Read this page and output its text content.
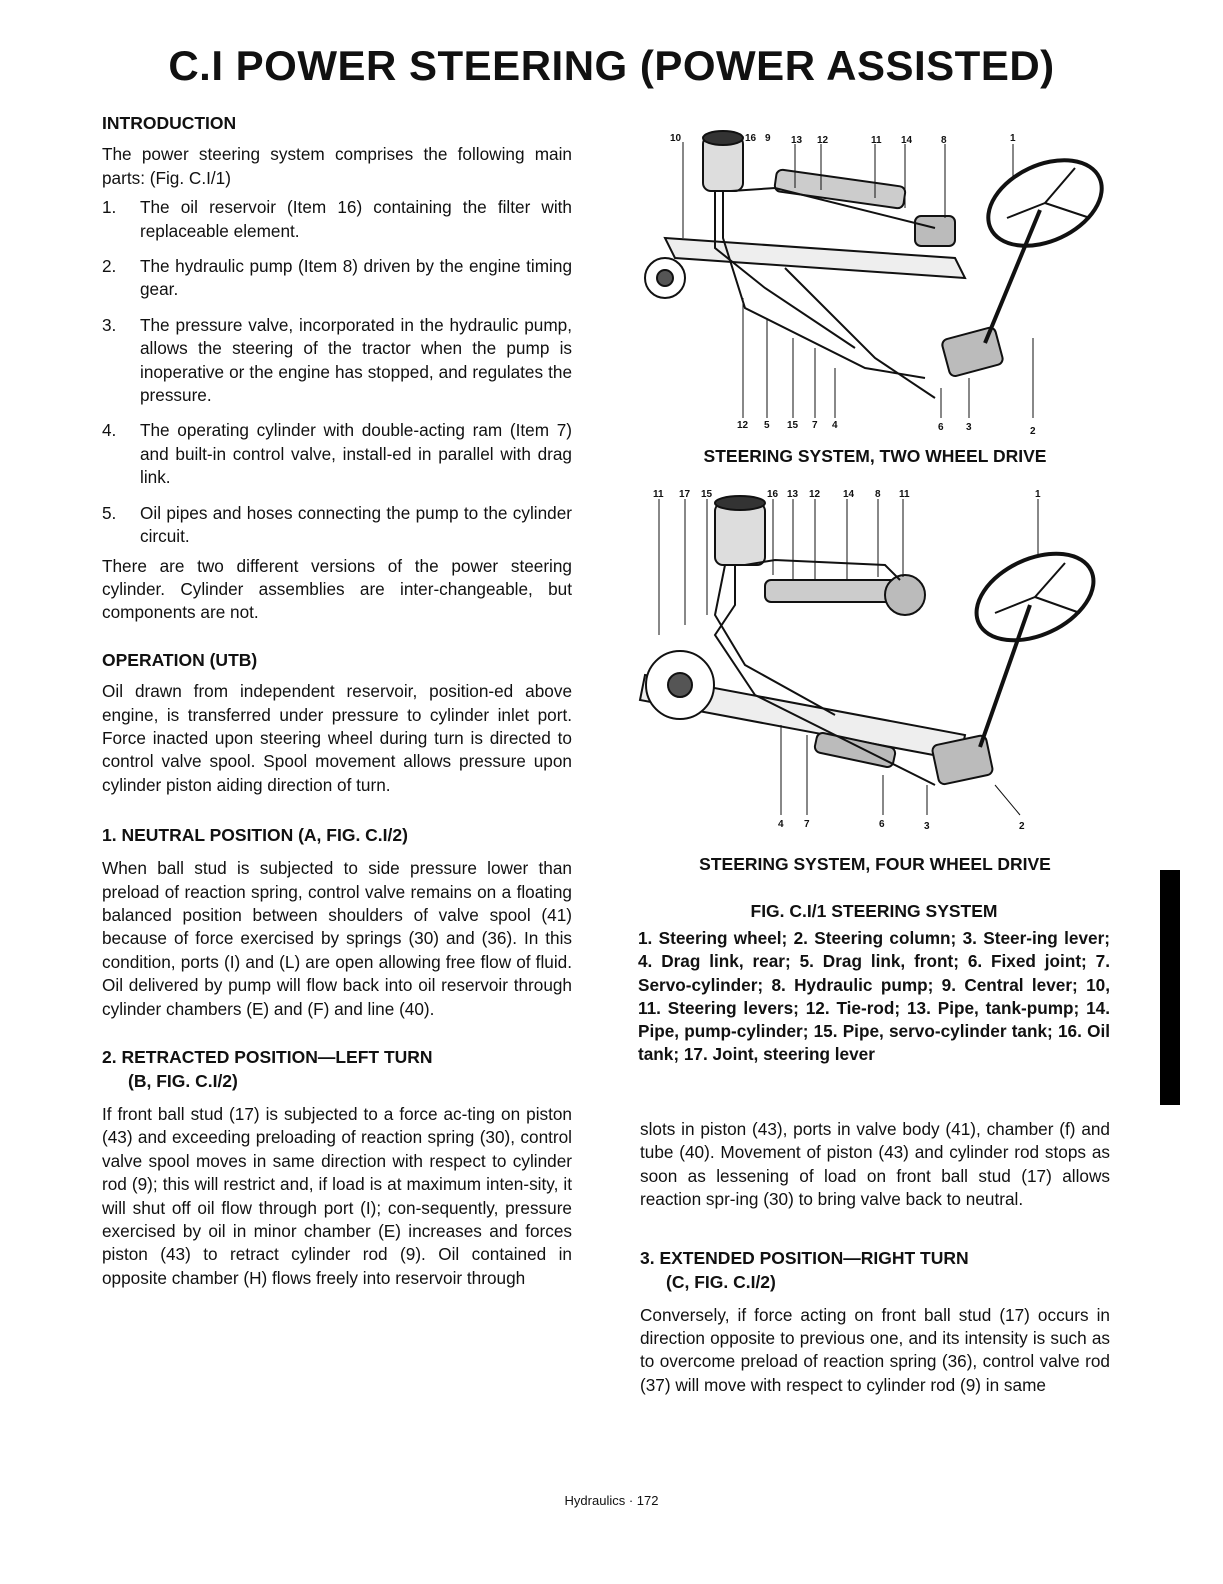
C.I POWER STEERING (POWER ASSISTED)
INTRODUCTION

The power steering system comprises the following main parts: (Fig. C.I/1)

1.	The oil reservoir (Item 16) containing the filter with replaceable element.
2.	The hydraulic pump (Item 8) driven by the engine timing gear.
3.	The pressure valve, incorporated in the hydraulic pump, allows the steering of the tractor when the pump is inoperative or the engine has stopped, and regulates the pressure.
4.	The operating cylinder with double-acting ram (Item 7) and built-in control valve, install-ed in parallel with drag link.
5.	Oil pipes and hoses connecting the pump to the cylinder circuit.

There are two different versions of the power steering cylinder. Cylinder assemblies are inter-changeable, but components are not.

OPERATION (UTB)

Oil drawn from independent reservoir, position-ed above engine, is transferred under pressure to cylinder inlet port. Force inacted upon steering wheel during turn is directed to control valve spool. Spool movement allows pressure upon cylinder piston aiding direction of turn.

1. NEUTRAL POSITION (A, FIG. C.I/2)

When ball stud is subjected to side pressure lower than preload of reaction spring, control valve remains on a floating balanced position between shoulders of valve spool (41) because of force exercised by springs (30) and (36). In this condition, ports (I) and (L) are open allowing free flow of fluid. Oil delivered by pump will flow back into oil reservoir through cylinder chambers (E) and (F) and line (40).

2. RETRACTED POSITION—LEFT TURN
(B, FIG. C.I/2)

If front ball stud (17) is subjected to a force ac-ting on piston (43) and exceeding preloading of reaction spring (30), control valve spool moves in same direction with respect to cylinder rod (9); this will restrict and, if load is at maximum inten-sity, it will shut off oil flow through port (I); con-sequently, pressure exercised by oil in minor chamber (E) increases and forces piston (43) to retract cylinder rod (9). Oil contained in opposite chamber (H) flows freely into reservoir through

10	16 9 13 12	11 14	8	1
12 5 15 7 4	6 3	2
STEERING SYSTEM, TWO WHEEL DRIVE
11 17 15	16 13 12 14 8 11	1
4 7	6	3	2
STEERING SYSTEM, FOUR WHEEL DRIVE
FIG. C.I/1 STEERING SYSTEM
1. Steering wheel; 2. Steering column; 3. Steer-ing lever; 4. Drag link, rear; 5. Drag link, front; 6. Fixed joint; 7. Servo-cylinder; 8. Hydraulic pump; 9. Central lever; 10, 11. Steering levers; 12. Tie-rod; 13. Pipe, tank-pump; 14. Pipe, pump-cylinder; 15. Pipe, servo-cylinder tank; 16. Oil tank; 17. Joint, steering lever

slots in piston (43), ports in valve body (41), chamber (f) and tube (40). Movement of piston (43) and cylinder rod stops as soon as lessening of load on front ball stud (17) allows reaction spr-ing (30) to bring valve back to neutral.

3. EXTENDED POSITION—RIGHT TURN
(C, FIG. C.I/2)

Conversely, if force acting on front ball stud (17) occurs in direction opposite to previous one, and its intensity is such as to overcome preload of reaction spring (36), control valve rod (37) will move with respect to cylinder rod (9) in same

Hydraulics · 172
